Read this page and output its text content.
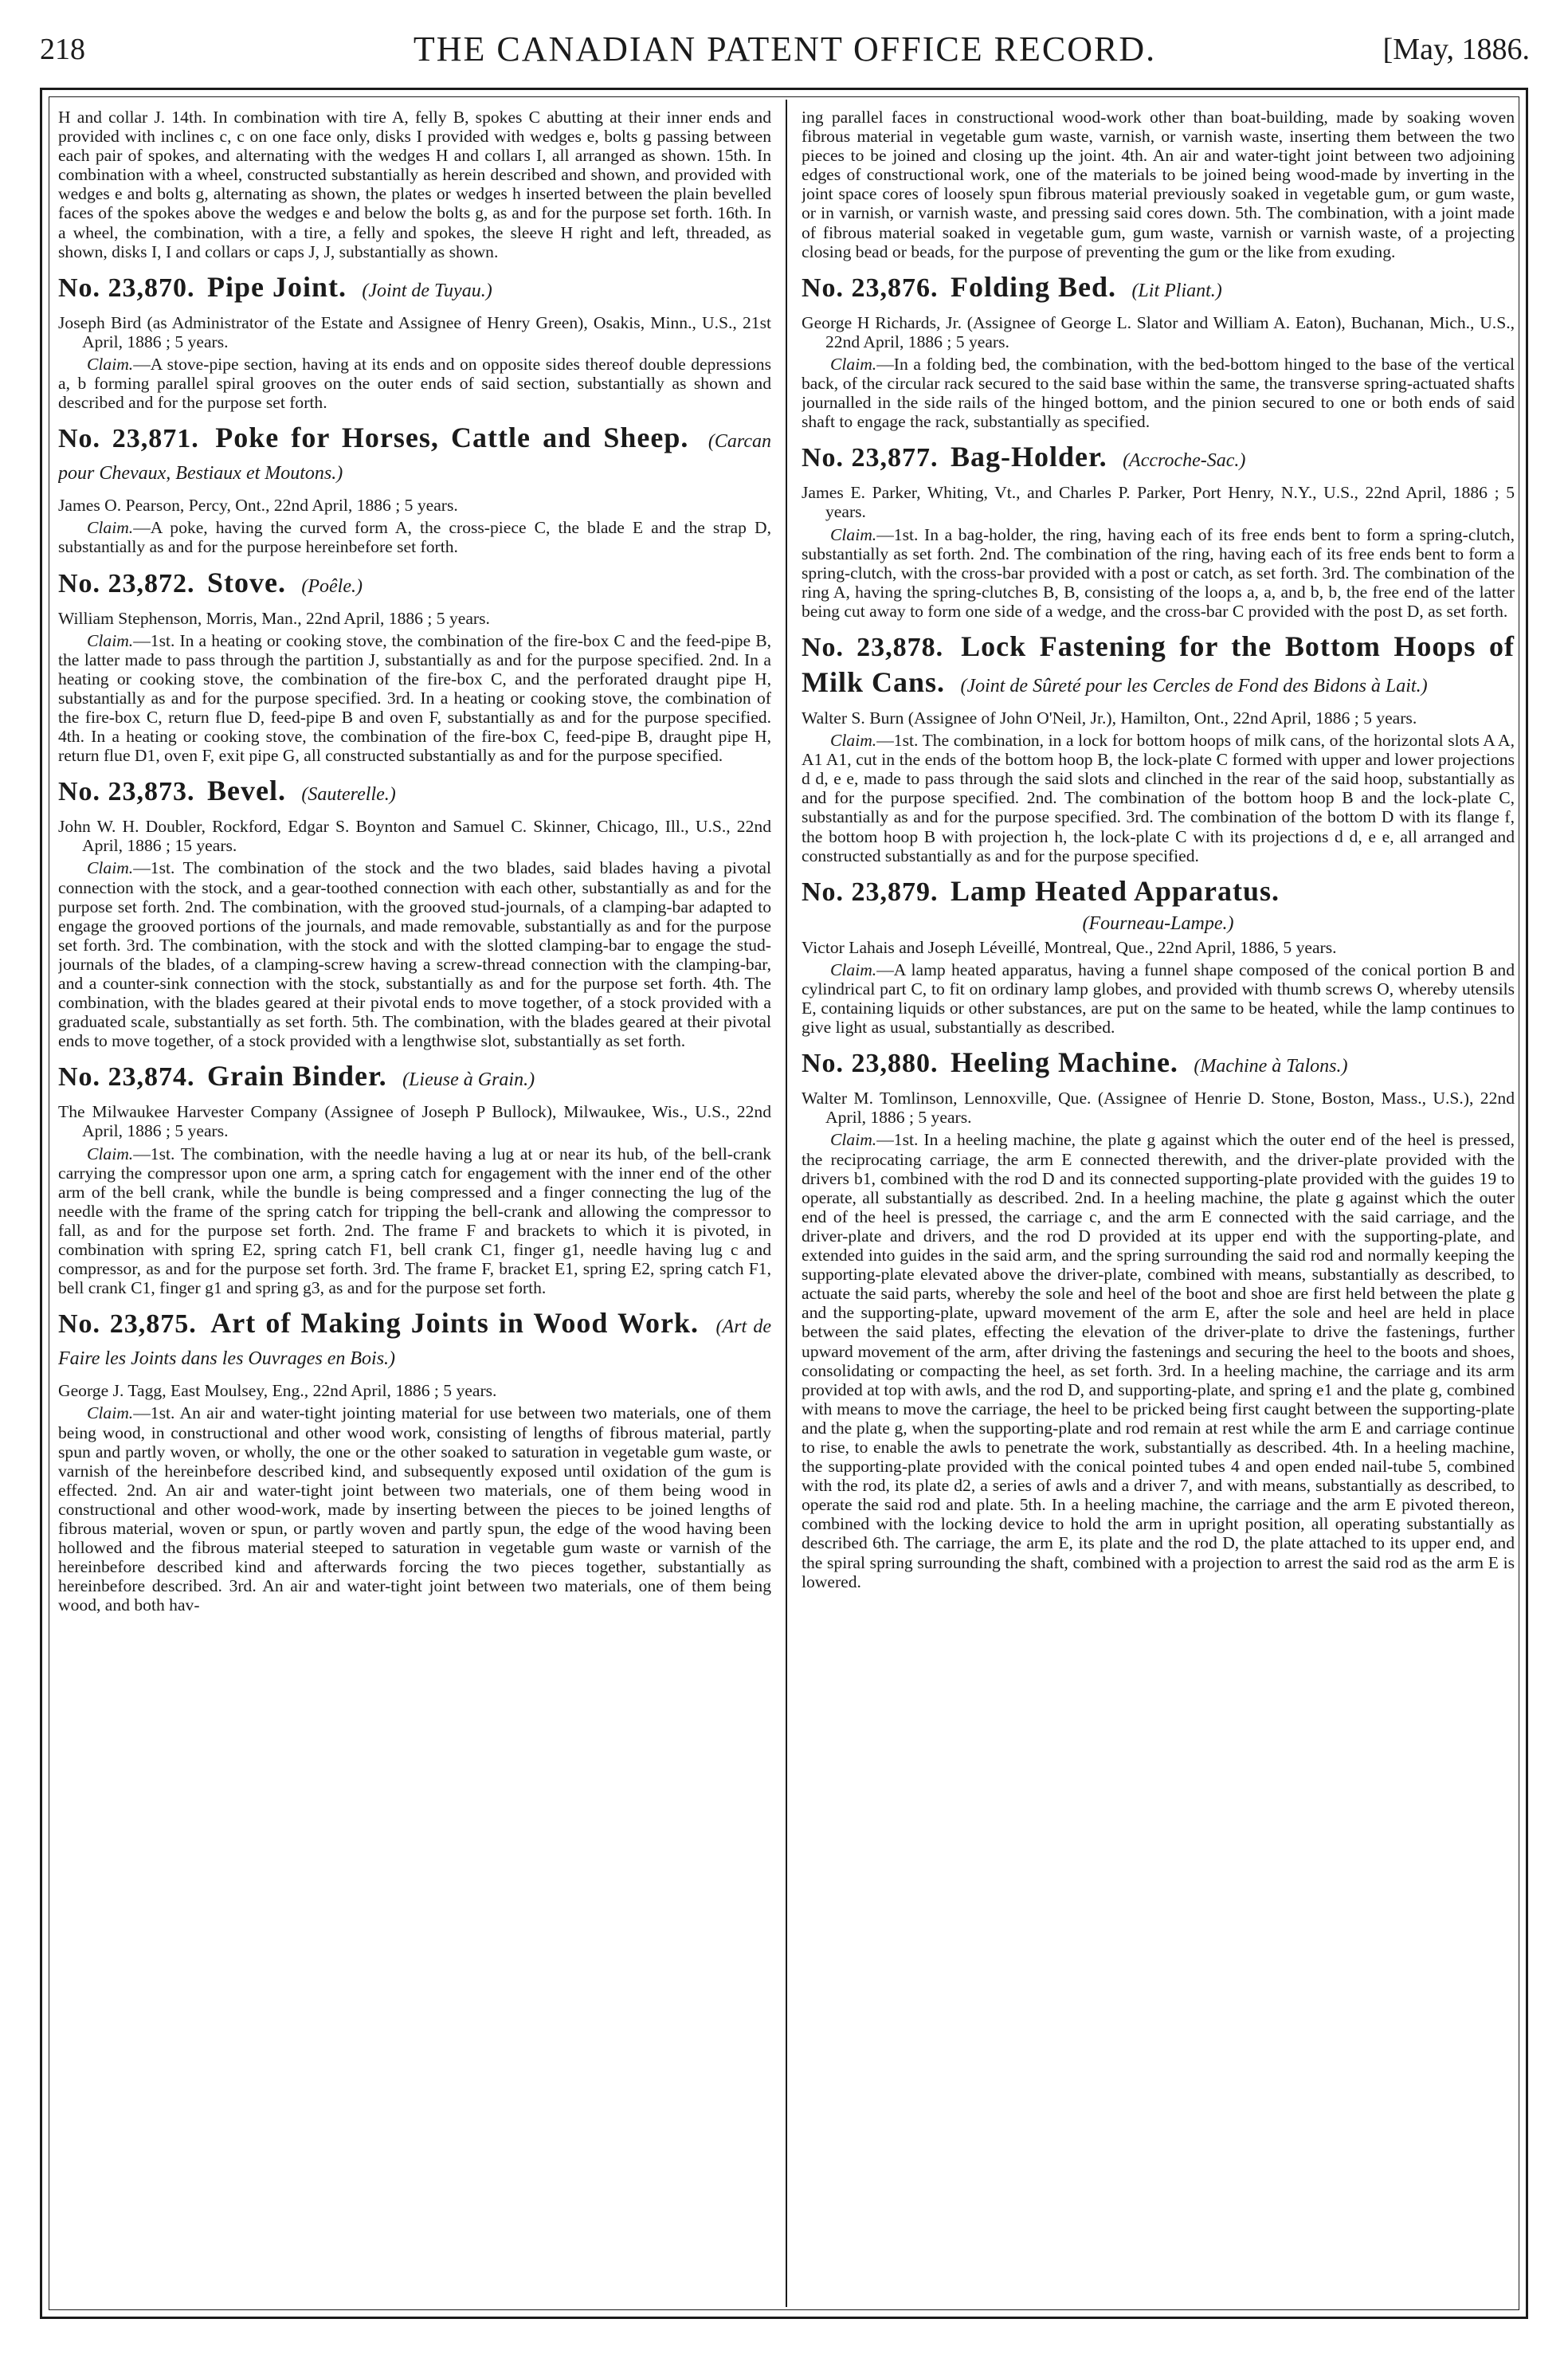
218	THE CANADIAN PATENT OFFICE RECORD.	[May, 1886.

H and collar J. 14th. In combination with tire A, felly B, spokes C abutting at their inner ends and provided with inclines c, c on one face only, disks I provided with wedges e, bolts g passing between each pair of spokes, and alternating with the wedges H and collars I, all arranged as shown. 15th. In combination with a wheel, constructed substantially as herein described and shown, and provided with wedges e and bolts g, alternating as shown, the plates or wedges h inserted between the plain bevelled faces of the spokes above the wedges e and below the bolts g, as and for the purpose set forth. 16th. In a wheel, the combination, with a tire, a felly and spokes, the sleeve H right and left, threaded, as shown, disks I, I and collars or caps J, J, substantially as shown.

No. 23,870. Pipe Joint. (Joint de Tuyau.)

Joseph Bird (as Administrator of the Estate and Assignee of Henry Green), Osakis, Minn., U.S., 21st April, 1886 ; 5 years.

Claim.—A stove-pipe section, having at its ends and on opposite sides thereof double depressions a, b forming parallel spiral grooves on the outer ends of said section, substantially as shown and described and for the purpose set forth.

No. 23,871. Poke for Horses, Cattle and Sheep. (Carcan pour Chevaux, Bestiaux et Moutons.)

James O. Pearson, Percy, Ont., 22nd April, 1886 ; 5 years.

Claim.—A poke, having the curved form A, the cross-piece C, the blade E and the strap D, substantially as and for the purpose hereinbefore set forth.

No. 23,872. Stove. (Poêle.)

William Stephenson, Morris, Man., 22nd April, 1886 ; 5 years.

Claim.—1st. In a heating or cooking stove, the combination of the fire-box C and the feed-pipe B, the latter made to pass through the partition J, substantially as and for the purpose specified. 2nd. In a heating or cooking stove, the combination of the fire-box C, and the perforated draught pipe H, substantially as and for the purpose specified. 3rd. In a heating or cooking stove, the combination of the fire-box C, return flue D, feed-pipe B and oven F, substantially as and for the purpose specified. 4th. In a heating or cooking stove, the combination of the fire-box C, feed-pipe B, draught pipe H, return flue D1, oven F, exit pipe G, all constructed substantially as and for the purpose specified.

No. 23,873. Bevel. (Sauterelle.)

John W. H. Doubler, Rockford, Edgar S. Boynton and Samuel C. Skinner, Chicago, Ill., U.S., 22nd April, 1886 ; 15 years.

Claim.—1st. The combination of the stock and the two blades, said blades having a pivotal connection with the stock, and a gear-toothed connection with each other, substantially as and for the purpose set forth. 2nd. The combination, with the grooved stud-journals, of a clamping-bar adapted to engage the grooved portions of the journals, and made removable, substantially as and for the purpose set forth. 3rd. The combination, with the stock and with the slotted clamping-bar to engage the stud-journals of the blades, of a clamping-screw having a screw-thread connection with the clamping-bar, and a counter-sink connection with the stock, substantially as and for the purpose set forth. 4th. The combination, with the blades geared at their pivotal ends to move together, of a stock provided with a graduated scale, substantially as set forth. 5th. The combination, with the blades geared at their pivotal ends to move together, of a stock provided with a lengthwise slot, substantially as set forth.

No. 23,874. Grain Binder. (Lieuse à Grain.)

The Milwaukee Harvester Company (Assignee of Joseph P Bullock), Milwaukee, Wis., U.S., 22nd April, 1886 ; 5 years.

Claim.—1st. The combination, with the needle having a lug at or near its hub, of the bell-crank carrying the compressor upon one arm, a spring catch for engagement with the inner end of the other arm of the bell crank, while the bundle is being compressed and a finger connecting the lug of the needle with the frame of the spring catch for tripping the bell-crank and allowing the compressor to fall, as and for the purpose set forth. 2nd. The frame F and brackets to which it is pivoted, in combination with spring E2, spring catch F1, bell crank C1, finger g1, needle having lug c and compressor, as and for the purpose set forth. 3rd. The frame F, bracket E1, spring E2, spring catch F1, bell crank C1, finger g1 and spring g3, as and for the purpose set forth.

No. 23,875. Art of Making Joints in Wood Work. (Art de Faire les Joints dans les Ouvrages en Bois.)

George J. Tagg, East Moulsey, Eng., 22nd April, 1886 ; 5 years.

Claim.—1st. An air and water-tight jointing material for use between two materials, one of them being wood, in constructional and other wood work, consisting of lengths of fibrous material, partly spun and partly woven, or wholly, the one or the other soaked to saturation in vegetable gum waste, or varnish of the hereinbefore described kind, and subsequently exposed until oxidation of the gum is effected. 2nd. An air and water-tight joint between two materials, one of them being wood in constructional and other wood-work, made by inserting between the pieces to be joined lengths of fibrous material, woven or spun, or partly woven and partly spun, the edge of the wood having been hollowed and the fibrous material steeped to saturation in vegetable gum waste or varnish of the hereinbefore described kind and afterwards forcing the two pieces together, substantially as hereinbefore described. 3rd. An air and water-tight joint between two materials, one of them being wood, and both hav-

ing parallel faces in constructional wood-work other than boat-building, made by soaking woven fibrous material in vegetable gum waste, varnish, or varnish waste, inserting them between the two pieces to be joined and closing up the joint. 4th. An air and water-tight joint between two adjoining edges of constructional work, one of the materials to be joined being wood-made by inverting in the joint space cores of loosely spun fibrous material previously soaked in vegetable gum, or gum waste, or in varnish, or varnish waste, and pressing said cores down. 5th. The combination, with a joint made of fibrous material soaked in vegetable gum, gum waste, varnish or varnish waste, of a projecting closing bead or beads, for the purpose of preventing the gum or the like from exuding.

No. 23,876. Folding Bed. (Lit Pliant.)

George H Richards, Jr. (Assignee of George L. Slator and William A. Eaton), Buchanan, Mich., U.S., 22nd April, 1886 ; 5 years.

Claim.—In a folding bed, the combination, with the bed-bottom hinged to the base of the vertical back, of the circular rack secured to the said base within the same, the transverse spring-actuated shafts journalled in the side rails of the hinged bottom, and the pinion secured to one or both ends of said shaft to engage the rack, substantially as specified.

No. 23,877. Bag-Holder. (Accroche-Sac.)

James E. Parker, Whiting, Vt., and Charles P. Parker, Port Henry, N.Y., U.S., 22nd April, 1886 ; 5 years.

Claim.—1st. In a bag-holder, the ring, having each of its free ends bent to form a spring-clutch, substantially as set forth. 2nd. The combination of the ring, having each of its free ends bent to form a spring-clutch, with the cross-bar provided with a post or catch, as set forth. 3rd. The combination of the ring A, having the spring-clutches B, B, consisting of the loops a, a, and b, b, the free end of the latter being cut away to form one side of a wedge, and the cross-bar C provided with the post D, as set forth.

No. 23,878. Lock Fastening for the Bottom Hoops of Milk Cans. (Joint de Sûreté pour les Cercles de Fond des Bidons à Lait.)

Walter S. Burn (Assignee of John O'Neil, Jr.), Hamilton, Ont., 22nd April, 1886 ; 5 years.

Claim.—1st. The combination, in a lock for bottom hoops of milk cans, of the horizontal slots A A, A1 A1, cut in the ends of the bottom hoop B, the lock-plate C formed with upper and lower projections d d, e e, made to pass through the said slots and clinched in the rear of the said hoop, substantially as and for the purpose specified. 2nd. The combination of the bottom hoop B and the lock-plate C, substantially as and for the purpose specified. 3rd. The combination of the bottom D with its flange f, the bottom hoop B with projection h, the lock-plate C with its projections d d, e e, all arranged and constructed substantially as and for the purpose specified.

No. 23,879. Lamp Heated Apparatus.
(Fourneau-Lampe.)

Victor Lahais and Joseph Léveillé, Montreal, Que., 22nd April, 1886, 5 years.

Claim.—A lamp heated apparatus, having a funnel shape composed of the conical portion B and cylindrical part C, to fit on ordinary lamp globes, and provided with thumb screws O, whereby utensils E, containing liquids or other substances, are put on the same to be heated, while the lamp continues to give light as usual, substantially as described.

No. 23,880. Heeling Machine. (Machine à Talons.)

Walter M. Tomlinson, Lennoxville, Que. (Assignee of Henrie D. Stone, Boston, Mass., U.S.), 22nd April, 1886 ; 5 years.

Claim.—1st. In a heeling machine, the plate g against which the outer end of the heel is pressed, the reciprocating carriage, the arm E connected therewith, and the driver-plate provided with the drivers b1, combined with the rod D and its connected supporting-plate provided with the guides 19 to operate, all substantially as described. 2nd. In a heeling machine, the plate g against which the outer end of the heel is pressed, the carriage c, and the arm E connected with the said carriage, and the driver-plate and drivers, and the rod D provided at its upper end with the supporting-plate, and extended into guides in the said arm, and the spring surrounding the said rod and normally keeping the supporting-plate elevated above the driver-plate, combined with means, substantially as described, to actuate the said parts, whereby the sole and heel of the boot and shoe are first held between the plate g and the supporting-plate, upward movement of the arm E, after the sole and heel are held in place between the said plates, effecting the elevation of the driver-plate to drive the fastenings, further upward movement of the arm, after driving the fastenings and securing the heel to the boots and shoes, consolidating or compacting the heel, as set forth. 3rd. In a heeling machine, the carriage and its arm provided at top with awls, and the rod D, and supporting-plate, and spring e1 and the plate g, combined with means to move the carriage, the heel to be pricked being first caught between the supporting-plate and the plate g, when the supporting-plate and rod remain at rest while the arm E and carriage continue to rise, to enable the awls to penetrate the work, substantially as described. 4th. In a heeling machine, the supporting-plate provided with the conical pointed tubes 4 and open ended nail-tube 5, combined with the rod, its plate d2, a series of awls and a driver 7, and with means, substantially as described, to operate the said rod and plate. 5th. In a heeling machine, the carriage and the arm E pivoted thereon, combined with the locking device to hold the arm in upright position, all operating substantially as described 6th. The carriage, the arm E, its plate and the rod D, the plate attached to its upper end, and the spiral spring surrounding the shaft, combined with a projection to arrest the said rod as the arm E is lowered.
